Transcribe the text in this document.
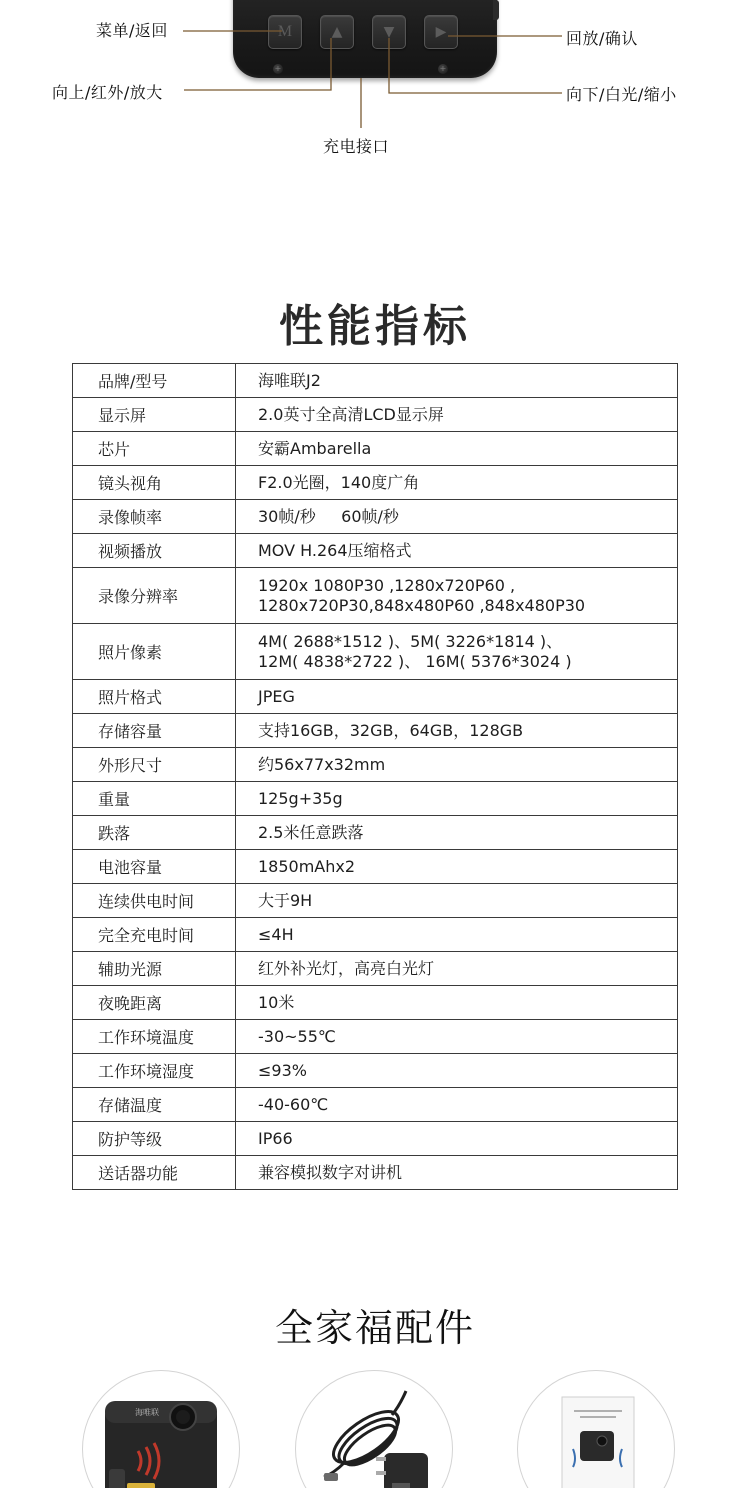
M	▲	▼	▶
+	+
菜单/返回
向上/红外/放大
充电接口
回放/确认
向下/白光/缩小
性能指标
品牌/型号	海唯联J2

显示屏	2.0英寸全高清LCD显示屏

芯片	安霸Ambarella

镜头视角	F2.0光圈，140度广角

录像帧率	30帧/秒     60帧/秒

视频播放	MOV H.264压缩格式

录像分辨率	1920x 1080P30 ,1280x720P60 ,
1280x720P30,848x480P60 ,848x480P30

照片像素	4M( 2688*1512 )、5M( 3226*1814 )、
12M( 4838*2722 )、 16M( 5376*3024 )

照片格式	JPEG

存储容量	支持16GB，32GB，64GB，128GB

外形尺寸	约56x77x32mm

重量	125g+35g

跌落	2.5米任意跌落

电池容量	1850mAhx2

连续供电时间	大于9H

完全充电时间	≤4H

辅助光源	红外补光灯，高亮白光灯

夜晚距离	10米

工作环境温度	-30~55℃

工作环境湿度	≤93%

存储温度	-40-60℃

防护等级	IP66

送话器功能	兼容模拟数字对讲机
全家福配件
海唯联
